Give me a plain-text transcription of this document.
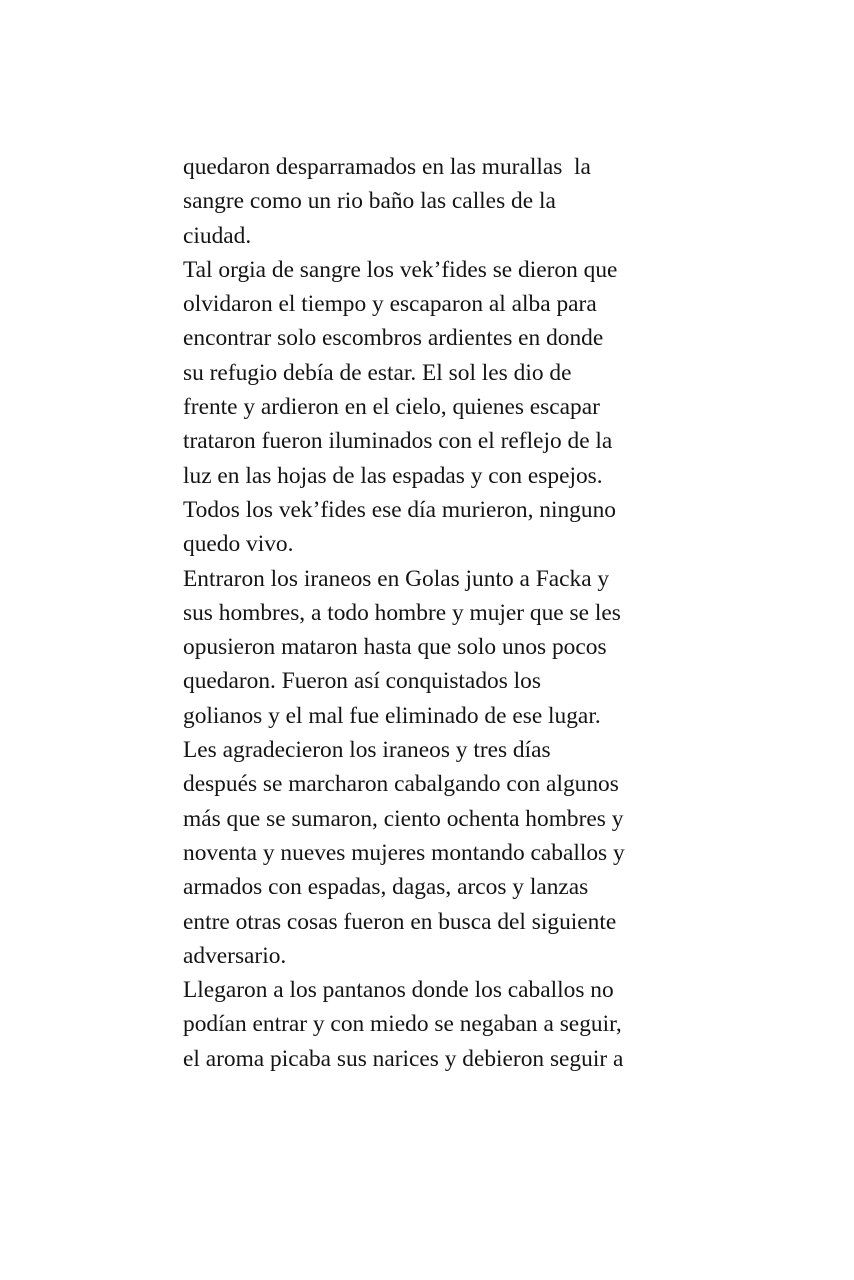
quedaron desparramados en las murallas  la
sangre como un rio baño las calles de la
ciudad.
Tal orgia de sangre los vek’fides se dieron que
olvidaron el tiempo y escaparon al alba para
encontrar solo escombros ardientes en donde
su refugio debía de estar. El sol les dio de
frente y ardieron en el cielo, quienes escapar
trataron fueron iluminados con el reflejo de la
luz en las hojas de las espadas y con espejos.
Todos los vek’fides ese día murieron, ninguno
quedo vivo.
Entraron los iraneos en Golas junto a Facka y
sus hombres, a todo hombre y mujer que se les
opusieron mataron hasta que solo unos pocos
quedaron. Fueron así conquistados los
golianos y el mal fue eliminado de ese lugar.
Les agradecieron los iraneos y tres días
después se marcharon cabalgando con algunos
más que se sumaron, ciento ochenta hombres y
noventa y nueves mujeres montando caballos y
armados con espadas, dagas, arcos y lanzas
entre otras cosas fueron en busca del siguiente
adversario.
Llegaron a los pantanos donde los caballos no
podían entrar y con miedo se negaban a seguir,
el aroma picaba sus narices y debieron seguir a
